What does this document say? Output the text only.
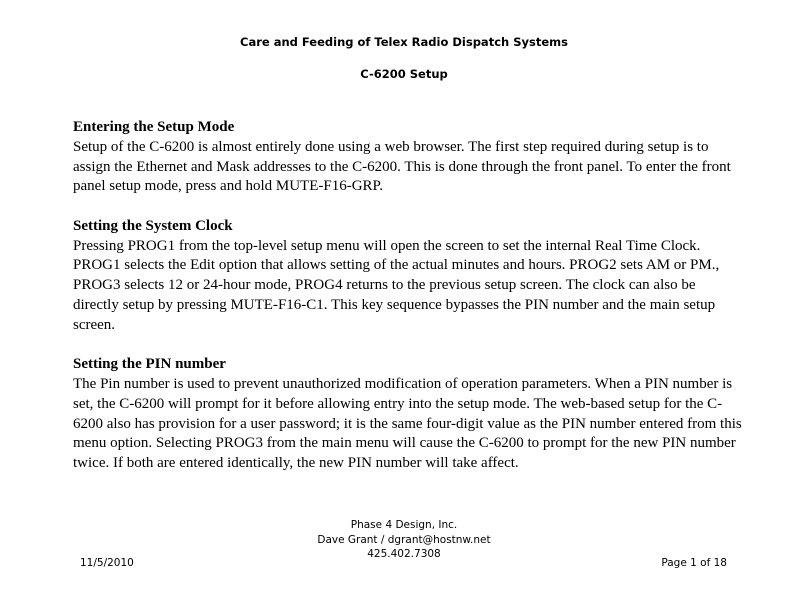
Care and Feeding of Telex Radio Dispatch Systems
C-6200 Setup
Entering the Setup Mode

Setup of the C-6200 is almost entirely done using a web browser. The first step required during setup is to assign the Ethernet and Mask addresses to the C-6200. This is done through the front panel. To enter the front panel setup mode, press and hold MUTE-F16-GRP.

Setting the System Clock

Pressing PROG1 from the top-level setup menu will open the screen to set the internal Real Time Clock. PROG1 selects the Edit option that allows setting of the actual minutes and hours. PROG2 sets AM or PM., PROG3 selects 12 or 24-hour mode, PROG4 returns to the previous setup screen. The clock can also be directly setup by pressing MUTE-F16-C1. This key sequence bypasses the PIN number and the main setup screen.

Setting the PIN number

The Pin number is used to prevent unauthorized modification of operation parameters. When a PIN number is set, the C-6200 will prompt for it before allowing entry into the setup mode. The web-based setup for the C-6200 also has provision for a user password; it is the same four-digit value as the PIN number entered from this menu option. Selecting PROG3 from the main menu will cause the C-6200 to prompt for the new PIN number twice. If both are entered identically, the new PIN number will take affect.

Phase 4 Design, Inc.
Dave Grant / dgrant@hostnw.net
425.402.7308
11/5/2010	Page 1 of 18
